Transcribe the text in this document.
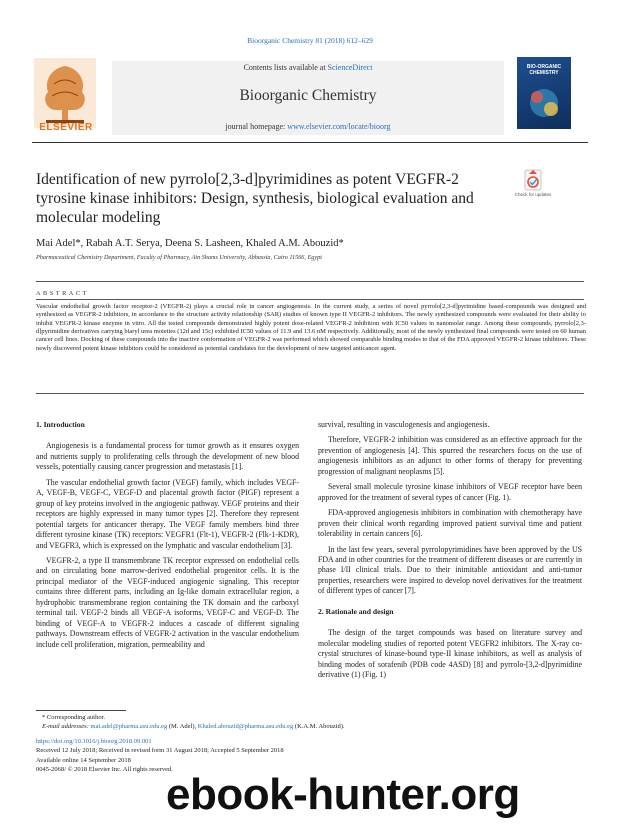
Bioorganic Chemistry 81 (2018) 612–629
ELSEVIER
Contents lists available at ScienceDirect
Bioorganic Chemistry
journal homepage: www.elsevier.com/locate/bioorg
BIO-ORGANIC CHEMISTRY
Identification of new pyrrolo[2,3-d]pyrimidines as potent VEGFR-2 tyrosine kinase inhibitors: Design, synthesis, biological evaluation and molecular modeling
Check for updates
Mai Adel*, Rabah A.T. Serya, Deena S. Lasheen, Khaled A.M. Abouzid*
Pharmaceutical Chemistry Department, Faculty of Pharmacy, Ain Shams University, Abbassia, Cairo 11566, Egypt
ABSTRACT
Vascular endothelial growth factor receptor-2 (VEGFR-2) plays a crucial role in cancer angiogenesis. In the current study, a series of novel pyrrolo[2,3-d]pyrimidine based-compounds was designed and synthesized as VEGFR-2 inhibitors, in accordance to the structure activity relationship (SAR) studies of known type II VEGFR-2 inhibitors. The newly synthesized compounds were evaluated for their ability to inhibit VEGFR-2 kinase enzyme in vitro. All the tested compounds demonstrated highly potent dose-related VEGFR-2 inhibition with IC50 values in nanomolar range. Among these compounds, pyrrolo[2,3-d]pyrimidine derivatives carrying biaryl urea moieties (12d and 15c) exhibited IC50 values of 11.9 and 13.6 nM respectively. Additionally, most of the newly synthesized final compounds were tested on 60 human cancer cell lines. Docking of these compounds into the inactive conformation of VEGFR-2 was performed which showed comparable binding modes to that of the FDA approved VEGFR-2 kinase inhibitors. These newly discovered potent kinase inhibitors could be considered as potential candidates for the development of new targeted anticancer agent.

1. Introduction

Angiogenesis is a fundamental process for tumor growth as it ensures oxygen and nutrients supply to proliferating cells through the development of new blood vessels, potentially causing cancer progression and metastasis [1].

The vascular endothelial growth factor (VEGF) family, which includes VEGF-A, VEGF-B, VEGF-C, VEGF-D and placental growth factor (PIGF) represent a group of key proteins involved in the angiogenic pathway. VEGF proteins and their receptors are highly expressed in many tumor types [2]. Therefore they represent potential targets for anticancer therapy. The VEGF family members bind three different tyrosine kinase (TK) receptors: VEGFR1 (Flt-1), VEGFR-2 (Flk-1-KDR), and VEGFR3, which is expressed on the lymphatic and vascular endothelium [3].

VEGFR-2, a type II transmembrane TK receptor expressed on endothelial cells and on circulating bone marrow-derived endothelial progenitor cells. It is the principal mediator of the VEGF-induced angiogenic signaling. This receptor contains three different parts, including an Ig-like domain extracellular region, a hydrophobic transmembrane region containing the TK domain and the carboxyl terminal tail. VEGF-2 binds all VEGF-A isoforms, VEGF-C and VEGF-D. The binding of VEGF-A to VEGFR-2 induces a cascade of different signaling pathways. Downstream effects of VEGFR-2 activation in the vascular endothelium include cell proliferation, migration, permeability and

survival, resulting in vasculogenesis and angiogenesis.

Therefore, VEGFR-2 inhibition was considered as an effective approach for the prevention of angiogenesis [4]. This spurred the researchers focus on the use of angiogenesis inhibitors as an adjunct to other forms of therapy for preventing progression of malignant neoplasms [5].

Several small molecule tyrosine kinase inhibitors of VEGF receptor have been approved for the treatment of several types of cancer (Fig. 1).

FDA-approved angiogenesis inhibitors in combination with chemotherapy have proven their clinical worth regarding improved patient survival time and patient tolerability in certain cancers [6].

In the last few years, several pyrrolopyrimidines have been approved by the US FDA and in other countries for the treatment of different diseases or are currently in phase I/II clinical trials. Due to their inimitable antioxidant and anti-tumor properties, researchers were inspired to develop novel derivatives for the treatment of different types of cancer [7].

2. Rationale and design

The design of the target compounds was based on literature survey and molecular modeling studies of reported potent VEGFR2 inhibitors. The X-ray co-crystal structures of kinase-bound type-II kinase inhibitors, as well as analysis of binding modes of sorafenib (PDB code 4ASD) [8] and pyrrolo-[3,2-d]pyrimidine derivative (1) (Fig. 1)

* Corresponding author.
E-mail addresses: mai.adel@pharma.asu.edu.eg (M. Adel), Khaled.abouzid@pharma.asu.edu.eg (K.A.M. Abouzid).
https://doi.org/10.1016/j.bioorg.2018.09.001
Received 12 July 2018; Received in revised form 31 August 2018; Accepted 5 September 2018
Available online 14 September 2018
0045-2068/ © 2018 Elsevier Inc. All rights reserved.
ebook-hunter.org
